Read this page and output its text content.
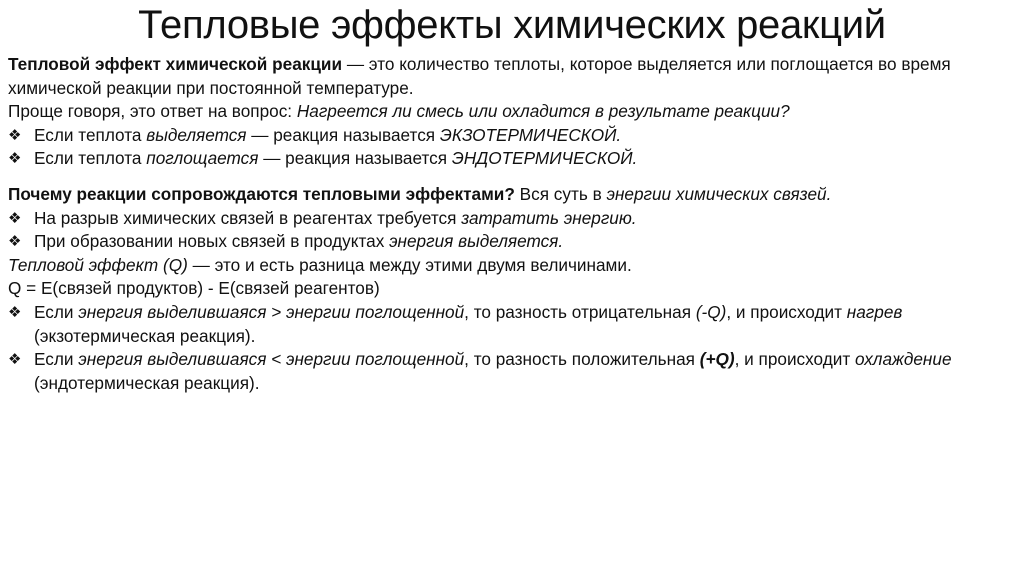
Тепловые эффекты химических реакций
Тепловой эффект химической реакции — это количество теплоты, которое выделяется или поглощается во время химической реакции при постоянной температуре.
Проще говоря, это ответ на вопрос: Нагреется ли смесь или охладится в результате реакции?
❖ Если теплота выделяется — реакция называется ЭКЗОТЕРМИЧЕСКОЙ.
❖ Если теплота поглощается — реакция называется ЭНДОТЕРМИЧЕСКОЙ.
Почему реакции сопровождаются тепловыми эффектами? Вся суть в энергии химических связей.
❖ На разрыв химических связей в реагентах требуется затратить энергию.
❖ При образовании новых связей в продуктах энергия выделяется.
Тепловой эффект (Q) — это и есть разница между этими двумя величинами.
Q = E(связей продуктов) - E(связей реагентов)
❖ Если энергия выделившаяся > энергии поглощенной, то разность отрицательная (-Q), и происходит нагрев (экзотермическая реакция).
❖ Если энергия выделившаяся < энергии поглощенной, то разность положительная (+Q), и происходит охлаждение (эндотермическая реакция).
